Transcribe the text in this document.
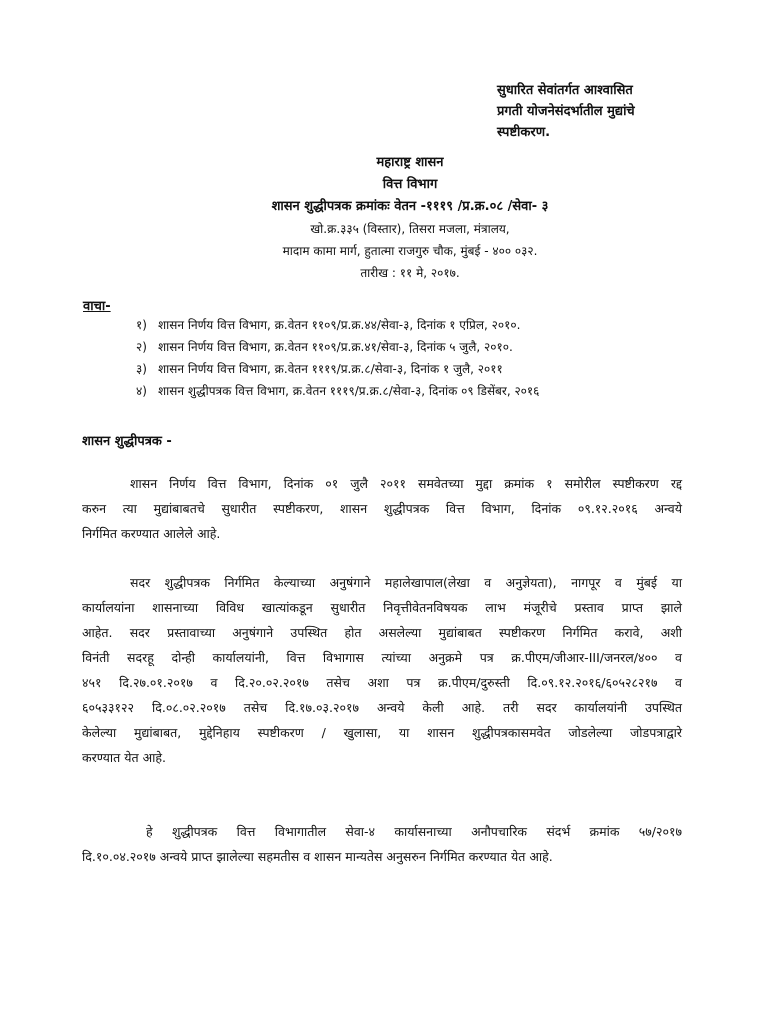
सुधारित सेवांतर्गत आश्वासित
प्रगती योजनेसंदर्भातील मुद्यांचे
स्पष्टीकरण.
महाराष्ट्र शासन
वित्त विभाग
शासन शुद्धीपत्रक क्रमांकः वेतन -१११९ /प्र.क्र.०८ /सेवा- ३
खो.क्र.३३५ (विस्तार), तिसरा मजला, मंत्रालय,
मादाम कामा मार्ग, हुतात्मा राजगुरु चौक, मुंबई - ४०० ०३२.
तारीख : ११ मे, २०१७.
वाचा-
१) शासन निर्णय वित्त विभाग, क्र.वेतन ११०९/प्र.क्र.४४/सेवा-३, दिनांक १ एप्रिल, २०१०.
२) शासन निर्णय वित्त विभाग, क्र.वेतन ११०९/प्र.क्र.४१/सेवा-३, दिनांक ५ जुलै, २०१०.
३) शासन निर्णय वित्त विभाग, क्र.वेतन १११९/प्र.क्र.८/सेवा-३, दिनांक १ जुलै, २०११
४) शासन शुद्धीपत्रक वित्त विभाग, क्र.वेतन १११९/प्र.क्र.८/सेवा-३, दिनांक ०९ डिसेंबर, २०१६
शासन शुद्धीपत्रक -
शासन निर्णय वित्त विभाग, दिनांक ०१ जुलै २०११ समवेतच्या मुद्दा क्रमांक १ समोरील स्पष्टीकरण रद्द
करुन त्या मुद्यांबाबतचे सुधारीत स्पष्टीकरण, शासन शुद्धीपत्रक वित्त विभाग, दिनांक ०९.१२.२०१६ अन्वये
निर्गमित करण्यात आलेले आहे.
सदर शुद्धीपत्रक निर्गमित केल्याच्या अनुषंगाने महालेखापाल(लेखा व अनुज्ञेयता), नागपूर व मुंबई या
कार्यालयांना शासनाच्या विविध खात्यांकडून सुधारीत निवृत्तीवेतनविषयक लाभ मंजूरीचे प्रस्ताव प्राप्त झाले
आहेत. सदर प्रस्तावाच्या अनुषंगाने उपस्थित होत असलेल्या मुद्यांबाबत स्पष्टीकरण निर्गमित करावे, अशी
विनंती सदरहू दोन्ही कार्यालयांनी, वित्त विभागास त्यांच्या अनुक्रमे पत्र क्र.पीएम/जीआर-III/जनरल/४०० व
४५१ दि.२७.०१.२०१७ व दि.२०.०२.२०१७ तसेच अशा पत्र क्र.पीएम/दुरुस्ती दि.०९.१२.२०१६/६०५२८२१७ व
६०५३३१२२ दि.०८.०२.२०१७ तसेच दि.१७.०३.२०१७ अन्वये केली आहे. तरी सदर कार्यालयांनी उपस्थित
केलेल्या मुद्यांबाबत, मुद्देनिहाय स्पष्टीकरण / खुलासा, या शासन शुद्धीपत्रकासमवेत जोडलेल्या जोडपत्राद्वारे
करण्यात येत आहे.
हे शुद्धीपत्रक वित्त विभागातील सेवा-४ कार्यासनाच्या अनौपचारिक संदर्भ क्रमांक ५७/२०१७
दि.१०.०४.२०१७ अन्वये प्राप्त झालेल्या सहमतीस व शासन मान्यतेस अनुसरुन निर्गमित करण्यात येत आहे.
